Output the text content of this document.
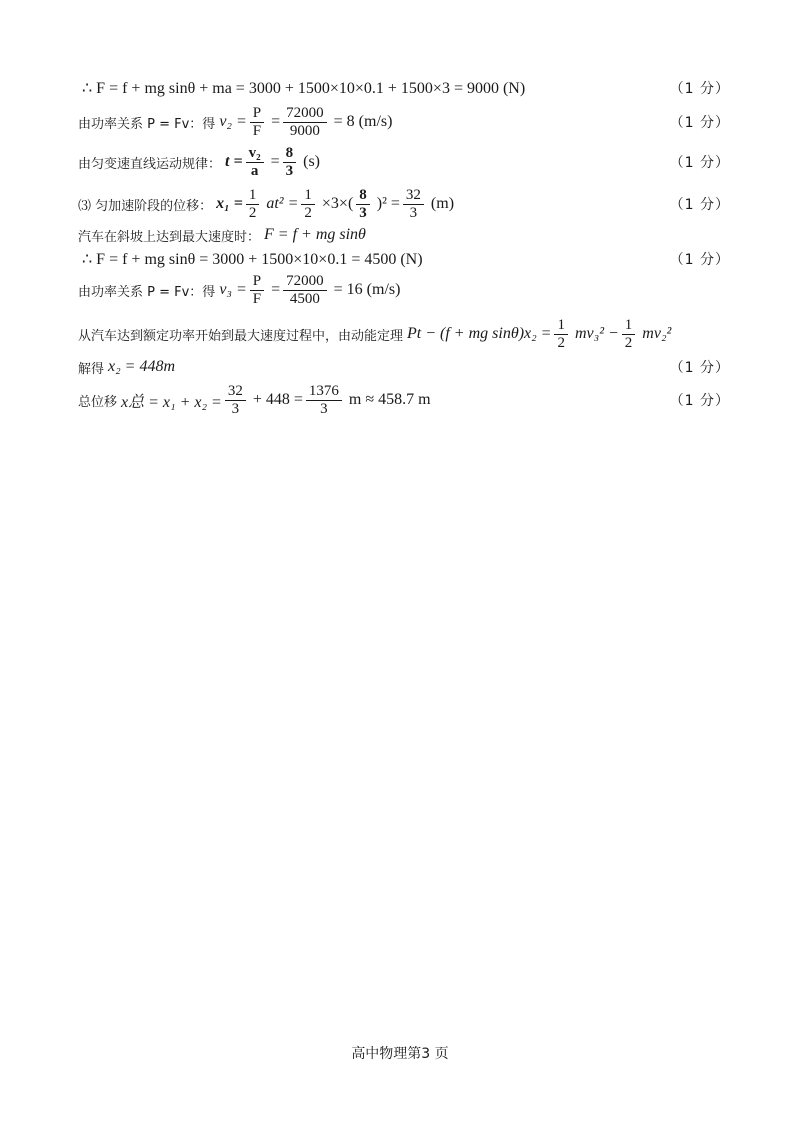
∴ F = f + mg sinθ + ma = 3000 + 1500×10×0.1 + 1500×3 = 9000 (N)	（1 分）
由功率关系 P = Fv：得 $v_2 = \frac{P}{F} = \frac{72000}{9000} = 8$ (m/s)	（1 分）
由匀变速直线运动规律： $t = \frac{\text{v₂}}{a} = \frac{8}{3} (s)$	（1 分）
⑶ 匀加速阶段的位移： $x_1 = \frac{1}{2} at^2 = \frac{1}{2} \times 3\times( \frac{8}{3} )^2 = \frac{32}{3} (m)$	（1 分）
汽车在斜坡上达到最大速度时： F = f + mg sinθ
∴ F = f + mg sinθ = 3000 + 1500×10×0.1 = 4500 (N)	（1 分）
由功率关系 P = Fv：得 $v_3 = \frac{P}{F} = \frac{72000}{4500} = 16$ (m/s)
从汽车达到额定功率开始到最大速度过程中，由动能定理 Pt − (f + mg $\sin\theta)x_2 = \frac{1}{2} mv_3^2 - \frac{1}{2} mv_2^2$
解得 x₂ = 448m	（1 分）
总位移 x总 = $x_1 + x_2 = \frac{32}{3} + 448 = \frac{1376}{3}$ m ≈ 458.7 m	（1 分）
高中物理第3 页
